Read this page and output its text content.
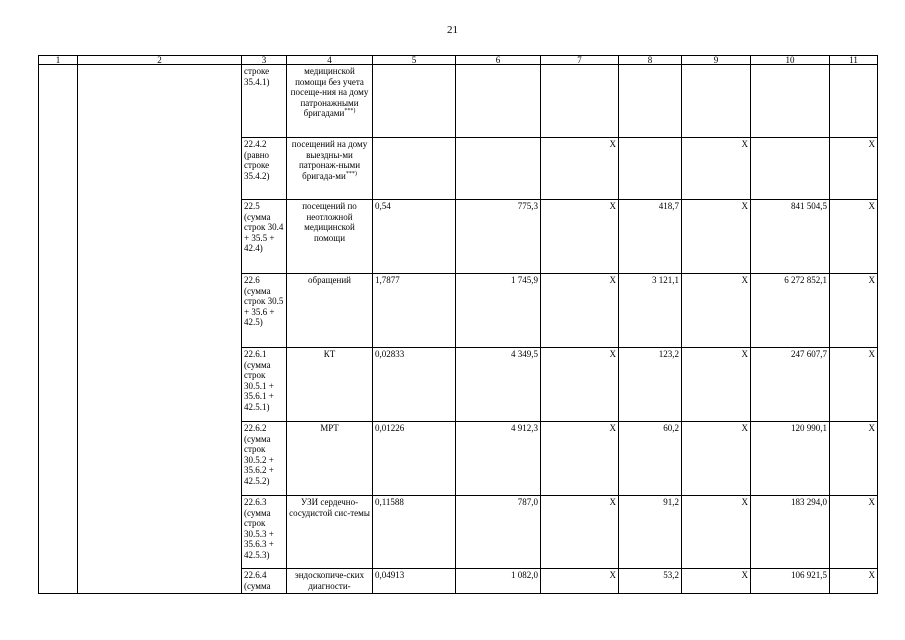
21
1	2	3	4	5	6	7	8	9	10	11
		строке 35.4.1)	медицинской помощи без учета посеще-ния на дому патронажными бригадами***)							
		22.4.2 (равно строке 35.4.2)	посещений на дому выездны-ми патронаж-ными бригада-ми***)			X		X		X
		22.5 (сумма строк 30.4 + 35.5 + 42.4)	посещений по неотложной медицинской помощи	0,54	775,3	X	418,7	X	841 504,5	X
		22.6 (сумма строк 30.5 + 35.6 + 42.5)	обращений	1,7877	1 745,9	X	3 121,1	X	6 272 852,1	X
		22.6.1 (сумма строк 30.5.1 + 35.6.1 + 42.5.1)	КТ	0,02833	4 349,5	X	123,2	X	247 607,7	X
		22.6.2 (сумма строк 30.5.2 + 35.6.2 + 42.5.2)	МРТ	0,01226	4 912,3	X	60,2	X	120 990,1	X
		22.6.3 (сумма строк 30.5.3 + 35.6.3 + 42.5.3)	УЗИ сердечно-сосудистой сис-темы	0,11588	787,0	X	91,2	X	183 294,0	X
		22.6.4 (сумма	эндоскопиче-ских диагности-	0,04913	1 082,0	X	53,2	X	106 921,5	X
